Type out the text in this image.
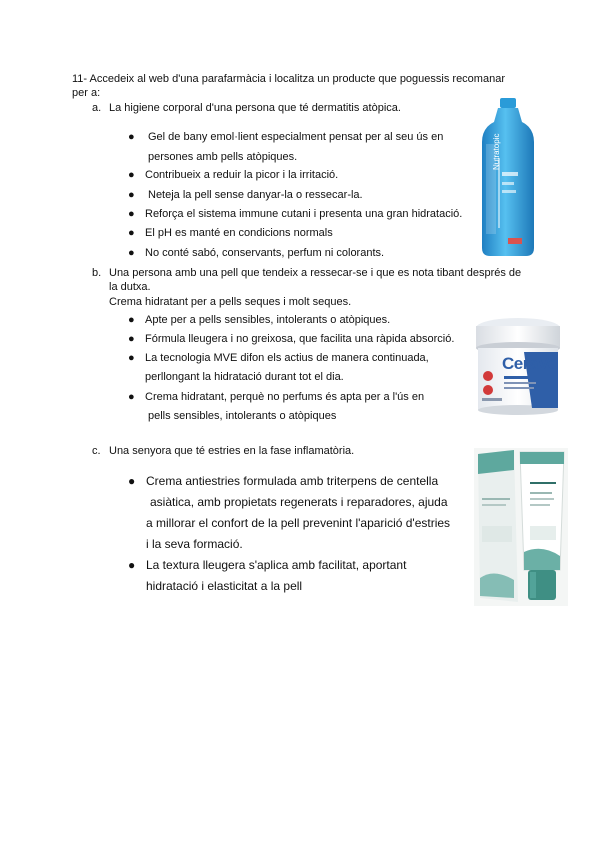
11- Accedeix al web d'una parafarmàcia i localitza un producte que poguessis recomanar
per a:
a. La higiene corporal d'una persona que té dermatitis atòpica.
● Gel de bany emol·lient especialment pensat per al seu ús en
persones amb pells atòpiques.
● Contribueix a reduir la picor i la irritació.
● Neteja la pell sense danyar-la o ressecar-la.
● Reforça el sistema immune cutani i presenta una gran hidratació.
● El pH es manté en condicions normals
● No conté sabó, conservants, perfum ni colorants.
Nutratopic
b. Una persona amb una pell que tendeix a ressecar-se i que es nota tibant després de
la dutxa.
Crema hidratant per a pells seques i molt seques.
● Apte per a pells sensibles, intolerants o atòpiques.
● Fórmula lleugera i no greixosa, que facilita una ràpida absorció.
● La tecnologia MVE difon els actius de manera continuada,
perllongant la hidratació durant tot el dia.
● Crema hidratant, perquè no perfums és apta per a l'ús en
pells sensibles, intolerants o atòpiques
CeraVe
c. Una senyora que té estries en la fase inflamatòria.
● Crema antiestries formulada amb triterpens de centella
asiàtica, amb propietats regenerats i reparadores, ajuda
a millorar el confort de la pell prevenint l'aparició d'estries
i la seva formació.
● La textura lleugera s'aplica amb facilitat, aportant
hidratació i elasticitat a la pell
